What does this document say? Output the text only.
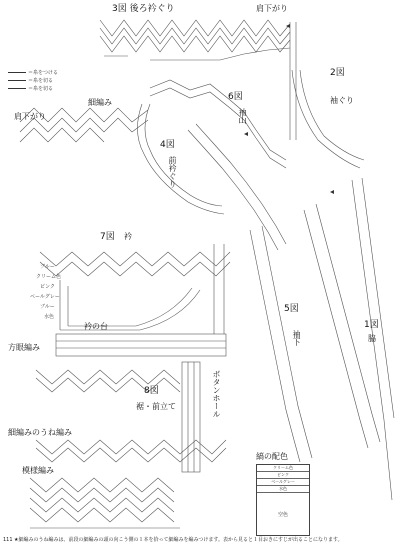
3図 後ろ衿ぐり	肩下がり
2図
袖ぐり
6図
袖山
細編み
肩下がり
4図
前衿ぐり
7図 衿
衿の台
方眼編み
5図
袖下
1図
脇
8図
裾・前立て	ボタンホール
細編みのうね編み
模様編み
＝糸をつける
＝糸を切る
＝糸を切る
ブルー
クリーム色
ピンク
ベールグレー
ブルー
水色
縞の配色
クリーム色
ピンク
ベールグレー
水色
空色
111 ★細編みのうね編みは、前段の細編みの頭の向こう側の１本を拾って細編みを編みつけます。表から見ると１目おきにすじが出ることになります。
